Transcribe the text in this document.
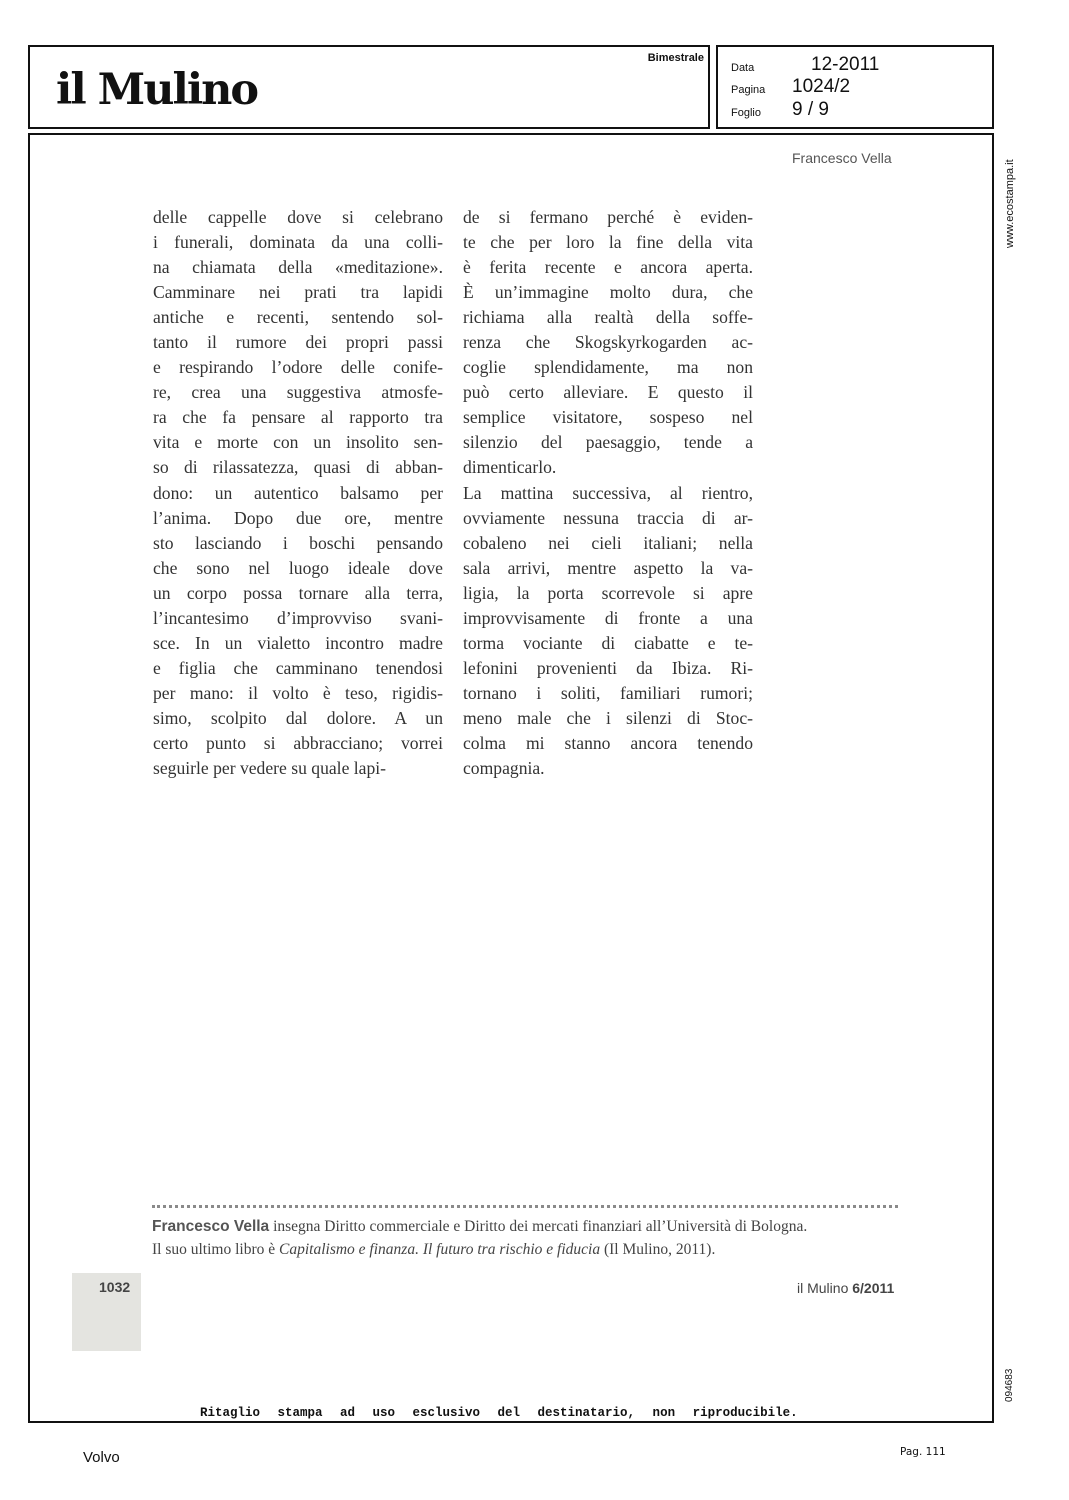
il Mulino
Bimestrale
Data	12-2011
Pagina	1024/2
Foglio	9 / 9
Francesco Vella
delle cappelle dove si celebrano
i funerali, dominata da una colli-
na chiamata della «meditazione».
Camminare nei prati tra lapidi
antiche e recenti, sentendo sol-
tanto il rumore dei propri passi
e respirando l’odore delle conife-
re, crea una suggestiva atmosfe-
ra che fa pensare al rapporto tra
vita e morte con un insolito sen-
so di rilassatezza, quasi di abban-
dono: un autentico balsamo per
l’anima. Dopo due ore, mentre
sto lasciando i boschi pensando
che sono nel luogo ideale dove
un corpo possa tornare alla terra,
l’incantesimo d’improvviso svani-
sce. In un vialetto incontro madre
e figlia che camminano tenendosi
per mano: il volto è teso, rigidis-
simo, scolpito dal dolore. A un
certo punto si abbracciano; vorrei
seguirle per vedere su quale lapi-
de si fermano perché è eviden-
te che per loro la fine della vita
è ferita recente e ancora aperta.
È un’immagine molto dura, che
richiama alla realtà della soffe-
renza che Skogskyrkogarden ac-
coglie splendidamente, ma non
può certo alleviare. E questo il
semplice visitatore, sospeso nel
silenzio del paesaggio, tende a
dimenticarlo.
La mattina successiva, al rientro,
ovviamente nessuna traccia di ar-
cobaleno nei cieli italiani; nella
sala arrivi, mentre aspetto la va-
ligia, la porta scorrevole si apre
improvvisamente di fronte a una
torma vociante di ciabatte e te-
lefonini provenienti da Ibiza. Ri-
tornano i soliti, familiari rumori;
meno male che i silenzi di Stoc-
colma mi stanno ancora tenendo
compagnia.
Francesco Vella insegna Diritto commerciale e Diritto dei mercati finanziari all’Università di Bologna.
Il suo ultimo libro è Capitalismo e finanza. Il futuro tra rischio e fiducia (Il Mulino, 2011).
1032	il Mulino 6/2011
Ritaglio stampa ad uso esclusivo del destinatario, non riproducibile.
www.ecostampa.it
094683
Volvo	Pag. 111
